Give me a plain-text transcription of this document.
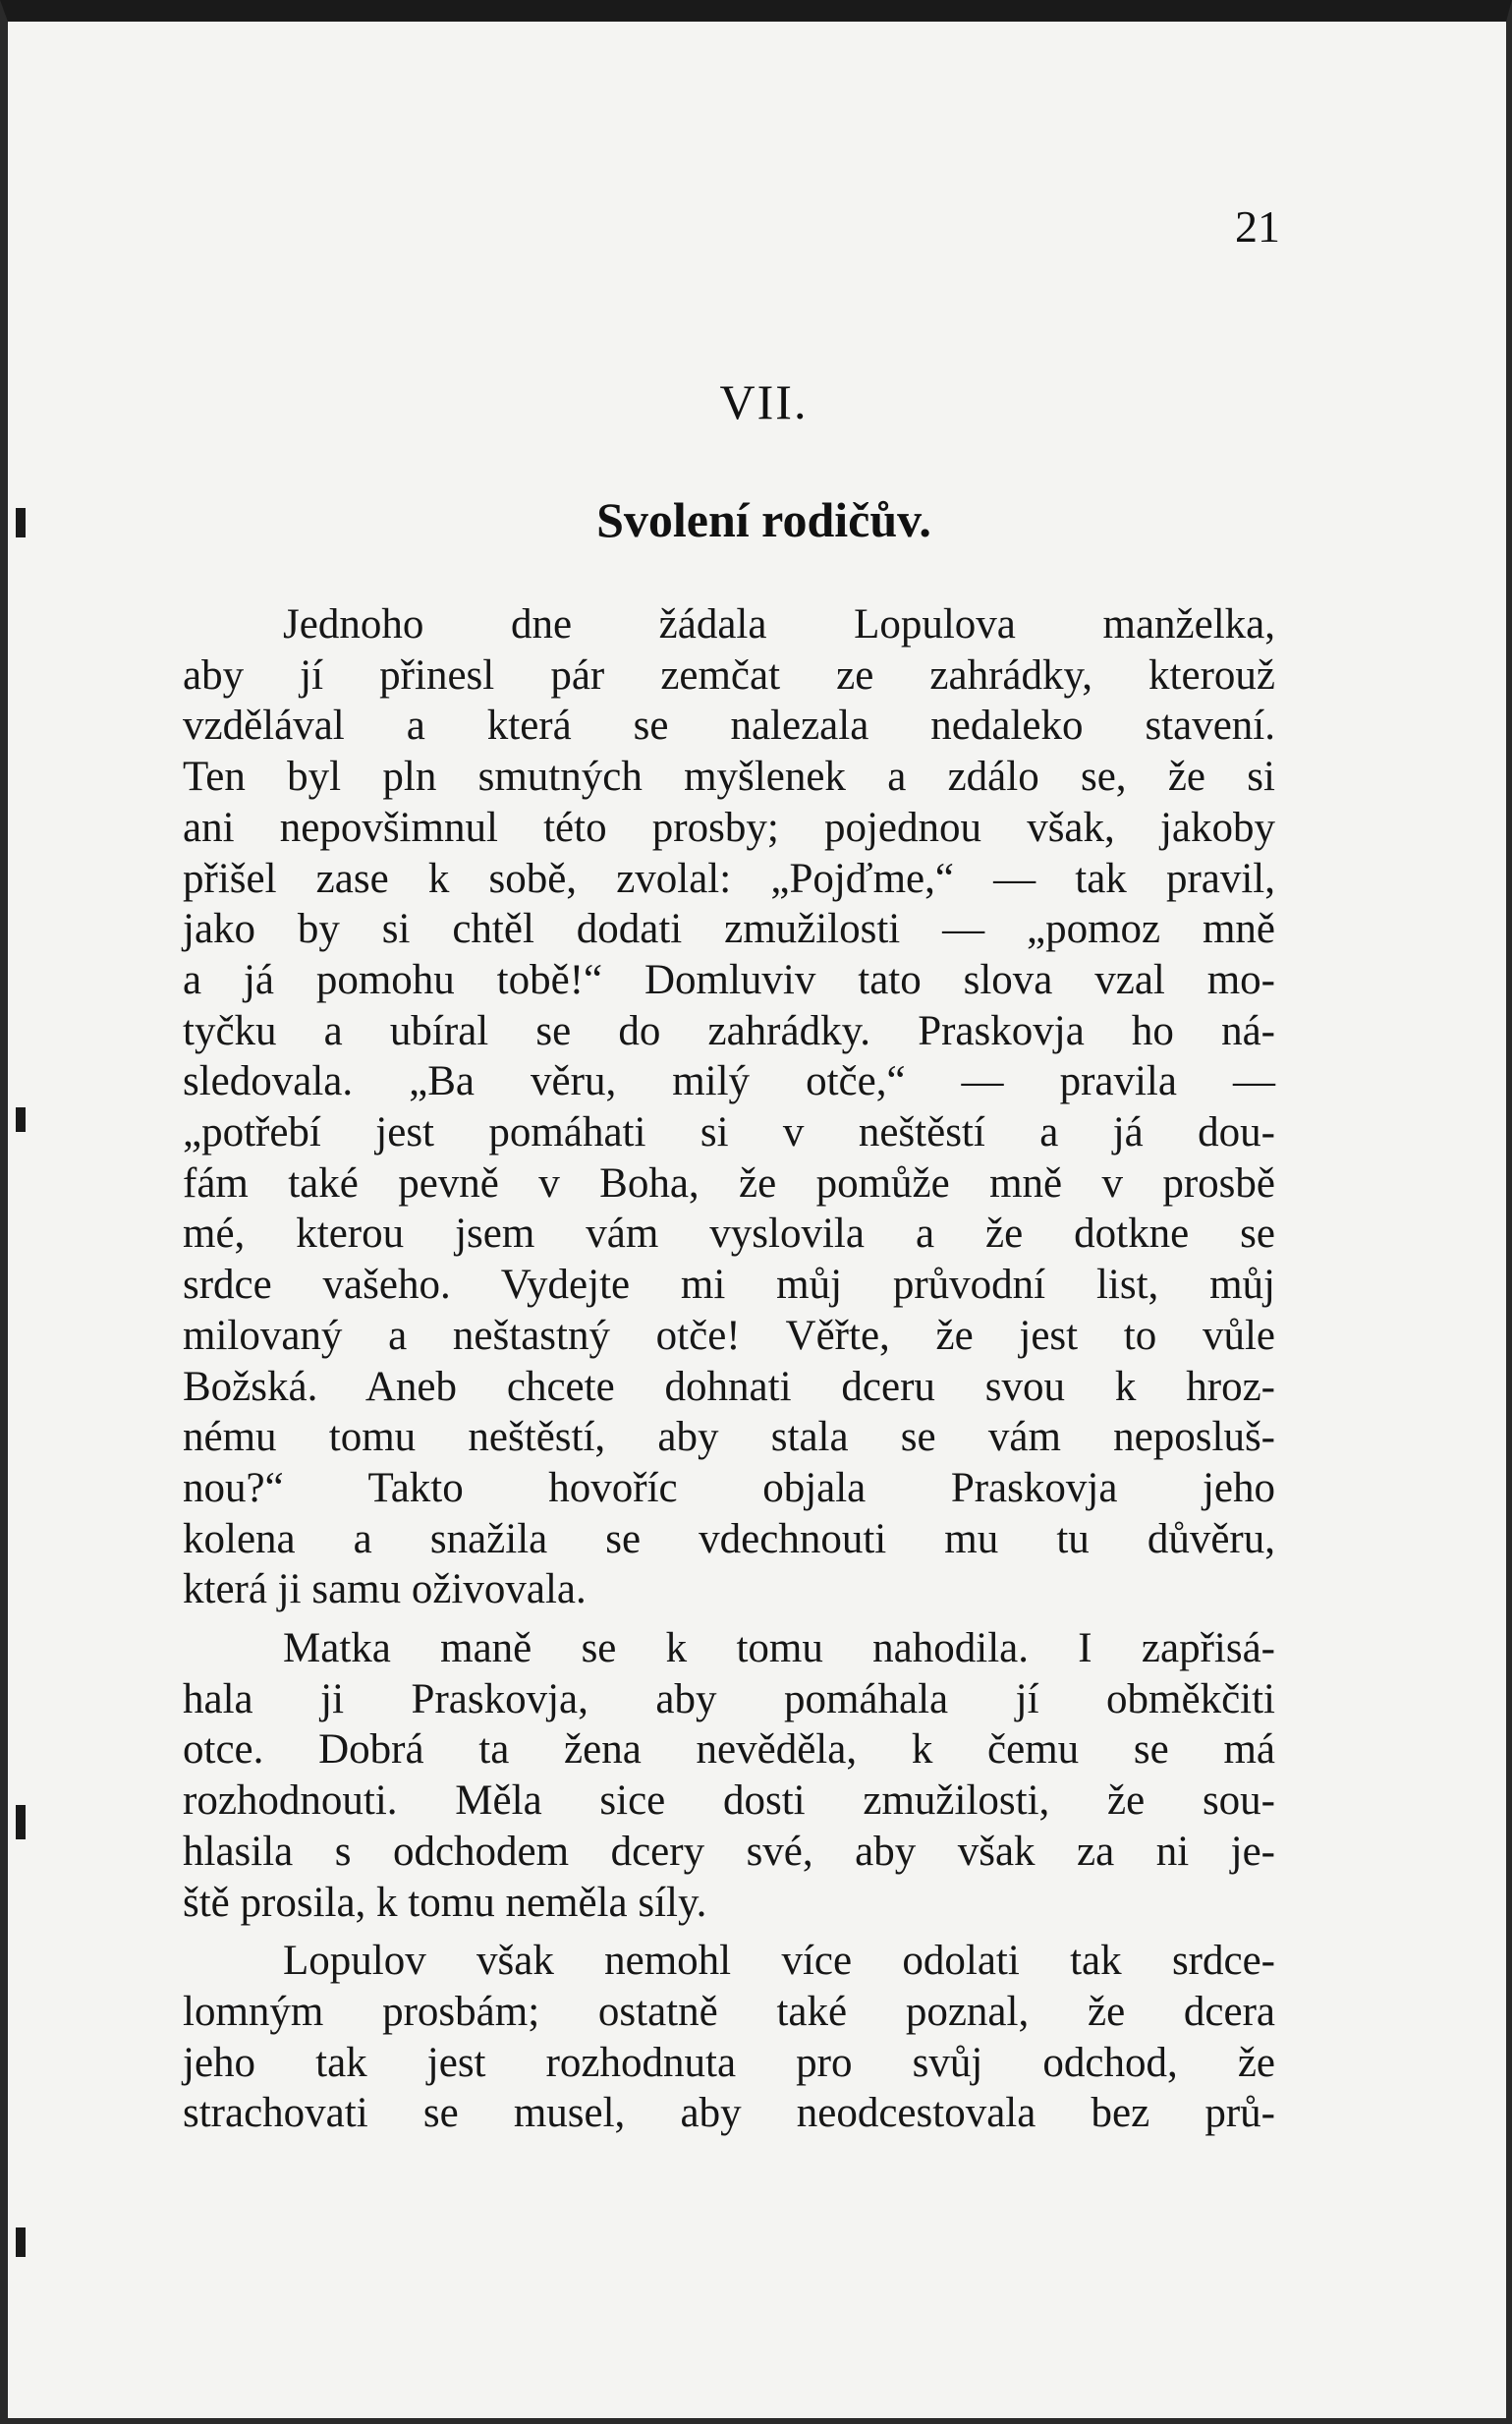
21
VII.
Svolení rodičův.
Jednoho dne žádala Lopulova manželka,
aby jí přinesl pár zemčat ze zahrádky, kterouž
vzdělával a která se nalezala nedaleko stavení.
Ten byl pln smutných myšlenek a zdálo se, že si
ani nepovšimnul této prosby; pojednou však, jakoby
přišel zase k sobě, zvolal: „Pojďme,“ — tak pravil,
jako by si chtěl dodati zmužilosti — „pomoz mně
a já pomohu tobě!“ Domluviv tato slova vzal mo-
tyčku a ubíral se do zahrádky. Praskovja ho ná-
sledovala. „Ba věru, milý otče,“ — pravila —
„potřebí jest pomáhati si v neštěstí a já dou-
fám také pevně v Boha, že pomůže mně v prosbě
mé, kterou jsem vám vyslovila a že dotkne se
srdce vašeho. Vydejte mi můj průvodní list, můj
milovaný a neštastný otče! Věřte, že jest to vůle
Božská. Aneb chcete dohnati dceru svou k hroz-
nému tomu neštěstí, aby stala se vám neposluš-
nou?“ Takto hovoříc objala Praskovja jeho
kolena a snažila se vdechnouti mu tu důvěru,
která ji samu oživovala.
Matka maně se k tomu nahodila. I zapřisá-
hala ji Praskovja, aby pomáhala jí obměkčiti
otce. Dobrá ta žena nevěděla, k čemu se má
rozhodnouti. Měla sice dosti zmužilosti, že sou-
hlasila s odchodem dcery své, aby však za ni je-
ště prosila, k tomu neměla síly.
Lopulov však nemohl více odolati tak srdce-
lomným prosbám; ostatně také poznal, že dcera
jeho tak jest rozhodnuta pro svůj odchod, že
strachovati se musel, aby neodcestovala bez prů-
